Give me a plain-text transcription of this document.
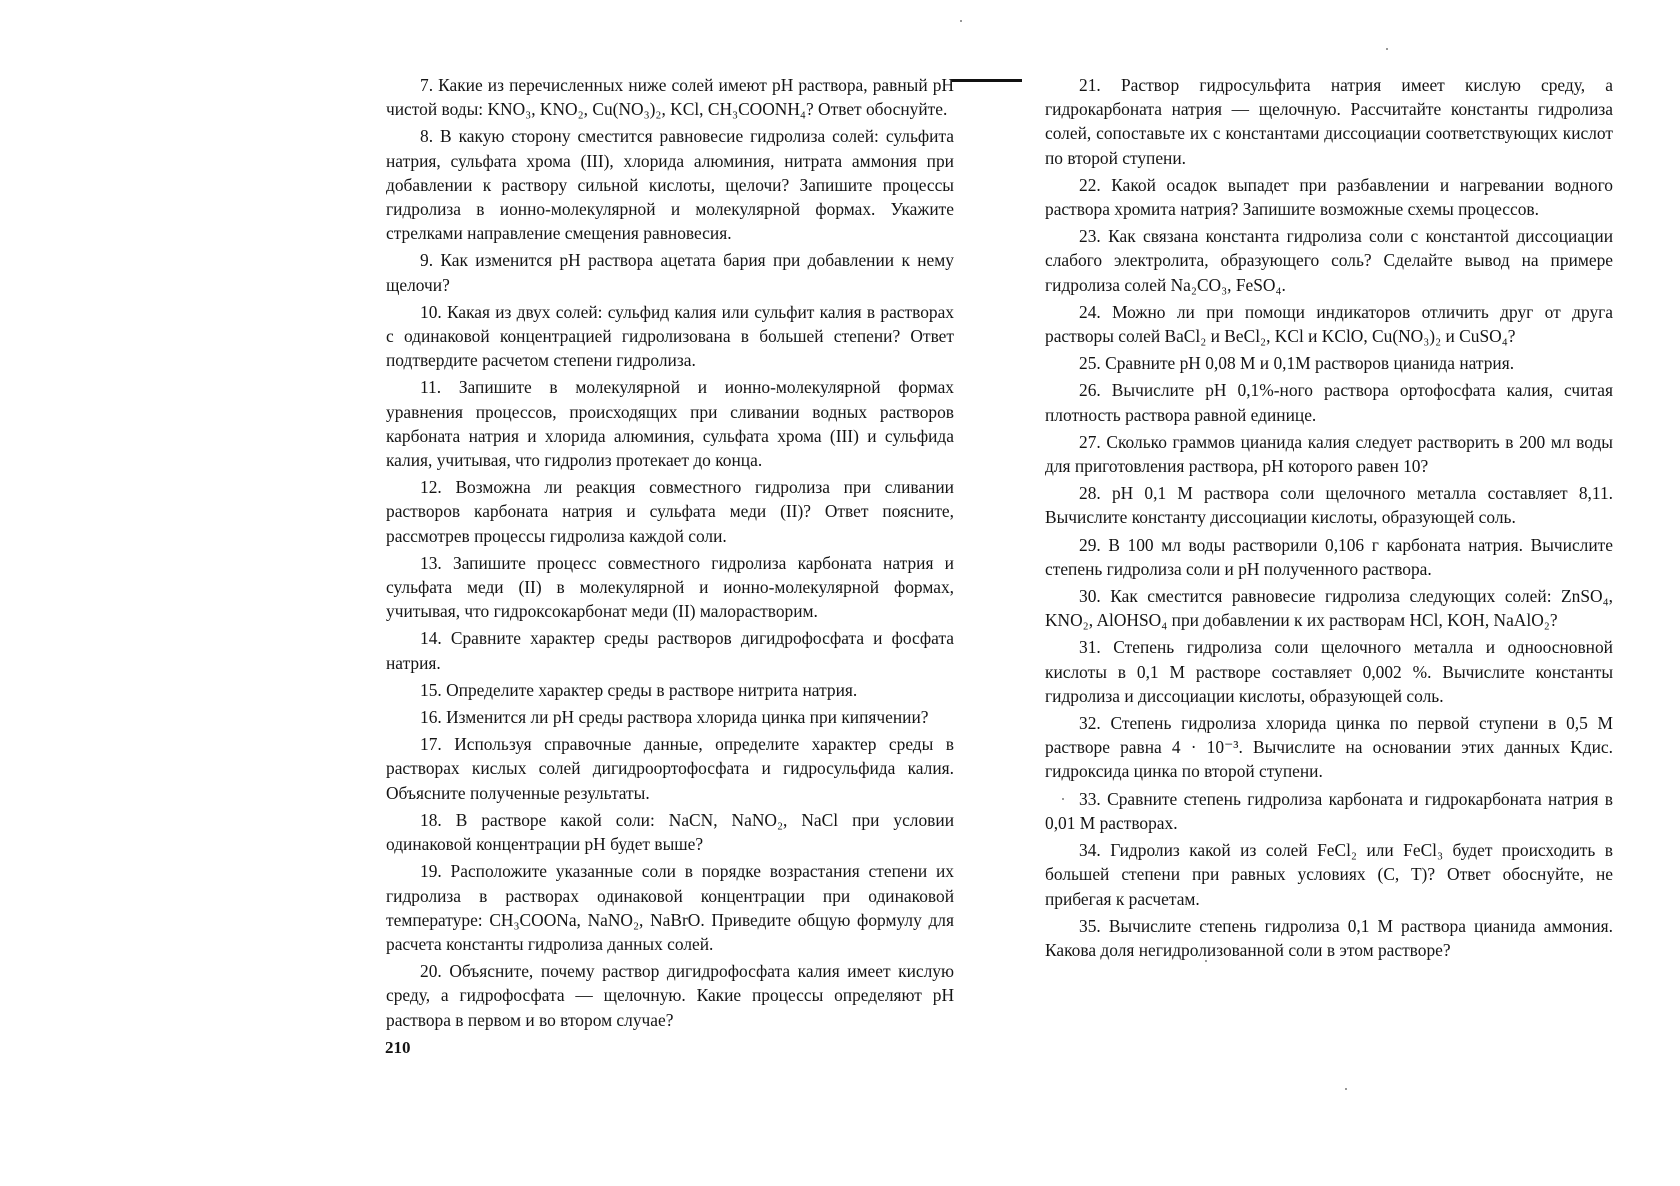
7. Какие из перечисленных ниже солей имеют pH раствора, равный pH чистой воды: KNO₃, KNO₂, Cu(NO₃)₂, KCl, CH₃COONH₄? Ответ обоснуйте.
8. В какую сторону сместится равновесие гидролиза солей: сульфита натрия, сульфата хрома (III), хлорида алюминия, нитрата аммония при добавлении к раствору сильной кислоты, щелочи? Запишите процессы гидролиза в ионно-молекулярной и молекулярной формах. Укажите стрелками направление смещения равновесия.
9. Как изменится pH раствора ацетата бария при добавлении к нему щелочи?
10. Какая из двух солей: сульфид калия или сульфит калия в растворах с одинаковой концентрацией гидролизована в большей степени? Ответ подтвердите расчетом степени гидролиза.
11. Запишите в молекулярной и ионно-молекулярной формах уравнения процессов, происходящих при сливании водных растворов карбоната натрия и хлорида алюминия, сульфата хрома (III) и сульфида калия, учитывая, что гидролиз протекает до конца.
12. Возможна ли реакция совместного гидролиза при сливании растворов карбоната натрия и сульфата меди (II)? Ответ поясните, рассмотрев процессы гидролиза каждой соли.
13. Запишите процесс совместного гидролиза карбоната натрия и сульфата меди (II) в молекулярной и ионно-молекулярной формах, учитывая, что гидроксокарбонат меди (II) малорастворим.
14. Сравните характер среды растворов дигидрофосфата и фосфата натрия.
15. Определите характер среды в растворе нитрита натрия.
16. Изменится ли pH среды раствора хлорида цинка при кипячении?
17. Используя справочные данные, определите характер среды в растворах кислых солей дигидроортофосфата и гидросульфида калия. Объясните полученные результаты.
18. В растворе какой соли: NaCN, NaNO₂, NaCl при условии одинаковой концентрации pH будет выше?
19. Расположите указанные соли в порядке возрастания степени их гидролиза в растворах одинаковой концентрации при одинаковой температуре: CH₃COONa, NaNO₂, NaBrO. Приведите общую формулу для расчета константы гидролиза данных солей.
20. Объясните, почему раствор дигидрофосфата калия имеет кислую среду, а гидрофосфата — щелочную. Какие процессы определяют pH раствора в первом и во втором случае?
21. Раствор гидросульфита натрия имеет кислую среду, а гидрокарбоната натрия — щелочную. Рассчитайте константы гидролиза солей, сопоставьте их с константами диссоциации соответствующих кислот по второй ступени.
22. Какой осадок выпадет при разбавлении и нагревании водного раствора хромита натрия? Запишите возможные схемы процессов.
23. Как связана константа гидролиза соли с константой диссоциации слабого электролита, образующего соль? Сделайте вывод на примере гидролиза солей Na₂CO₃, FeSO₄.
24. Можно ли при помощи индикаторов отличить друг от друга растворы солей BaCl₂ и BeCl₂, KCl и KClO, Cu(NO₃)₂ и CuSO₄?
25. Сравните pH 0,08 M и 0,1M растворов цианида натрия.
26. Вычислите pH 0,1%-ного раствора ортофосфата калия, считая плотность раствора равной единице.
27. Сколько граммов цианида калия следует растворить в 200 мл воды для приготовления раствора, pH которого равен 10?
28. pH 0,1 M раствора соли щелочного металла составляет 8,11. Вычислите константу диссоциации кислоты, образующей соль.
29. В 100 мл воды растворили 0,106 г карбоната натрия. Вычислите степень гидролиза соли и pH полученного раствора.
30. Как сместится равновесие гидролиза следующих солей: ZnSO₄, KNO₂, AlOHSO₄ при добавлении к их растворам HCl, KOH, NaAlO₂?
31. Степень гидролиза соли щелочного металла и одноосновной кислоты в 0,1 M растворе составляет 0,002 %. Вычислите константы гидролиза и диссоциации кислоты, образующей соль.
32. Степень гидролиза хлорида цинка по первой ступени в 0,5 M растворе равна 4 · 10⁻³. Вычислите на основании этих данных Kдис. гидроксида цинка по второй ступени.
33. Сравните степень гидролиза карбоната и гидрокарбоната натрия в 0,01 M растворах.
34. Гидролиз какой из солей FeCl₂ или FeCl₃ будет происходить в большей степени при равных условиях (C, T)? Ответ обоснуйте, не прибегая к расчетам.
35. Вычислите степень гидролиза 0,1 M раствора цианида аммония. Какова доля негидролизованной соли в этом растворе?
210
